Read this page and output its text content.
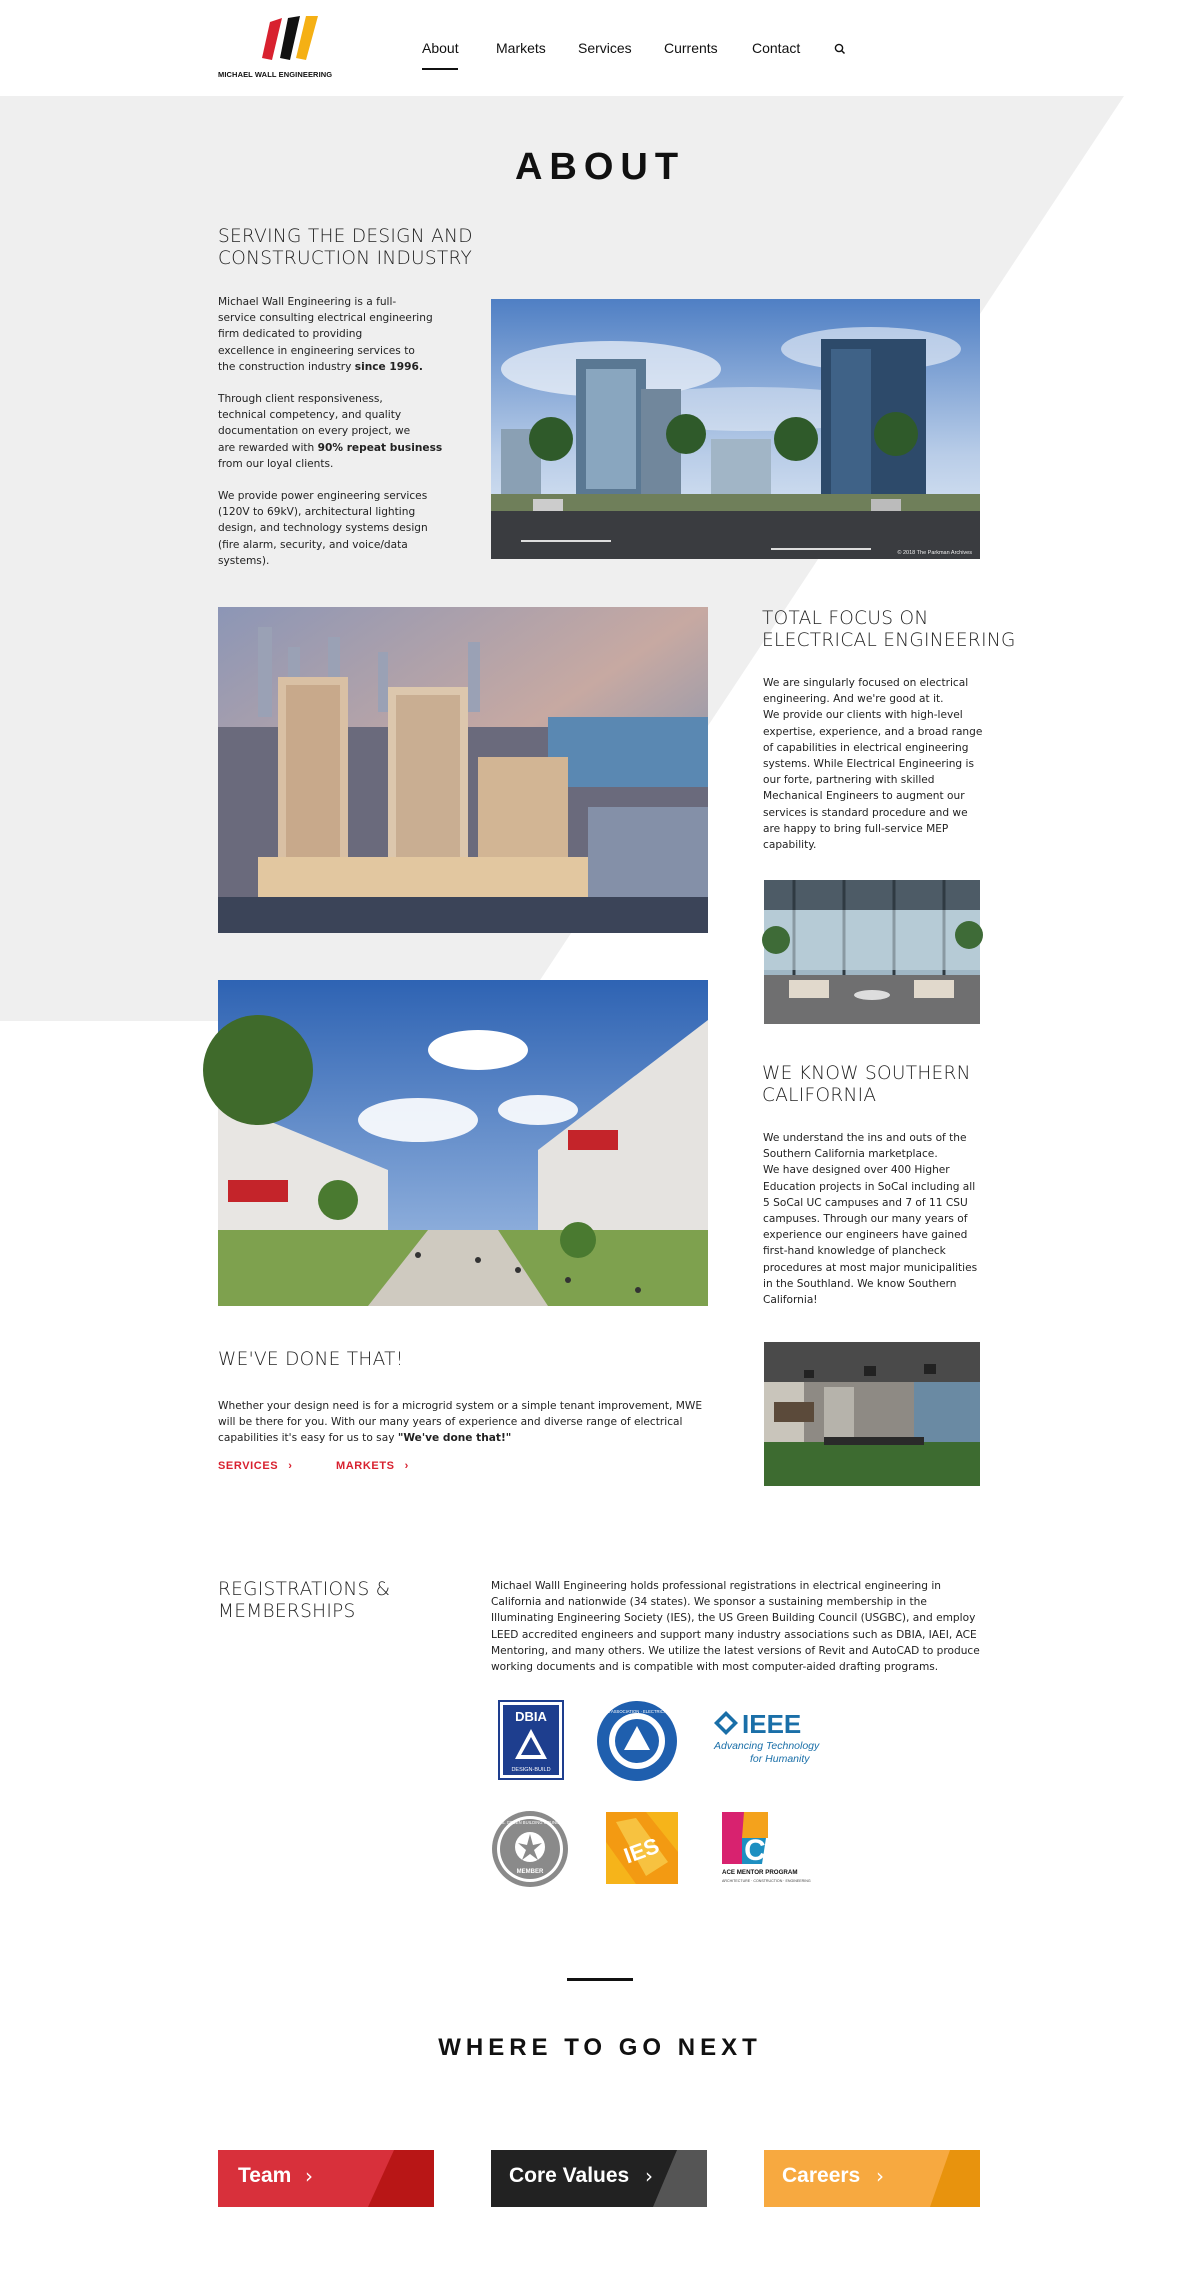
MICHAEL WALL ENGINEERING
About	Markets Services Currents Contact
ABOUT
SERVING THE DESIGN AND
CONSTRUCTION INDUSTRY
Michael Wall Engineering is a full-
service consulting electrical engineering
firm dedicated to providing
excellence in engineering services to
the construction industry since 1996.
Through client responsiveness,
technical competency, and quality
documentation on every project, we
are rewarded with 90% repeat business
from our loyal clients.
We provide power engineering services
(120V to 69kV), architectural lighting
design, and technology systems design
(fire alarm, security, and voice/data
systems).
© 2018 The Parkman Archives
TOTAL FOCUS ON
ELECTRICAL ENGINEERING
We are singularly focused on electrical
engineering. And we're good at it.
We provide our clients with high-level
expertise, experience, and a broad range
of capabilities in electrical engineering
systems. While Electrical Engineering is
our forte, partnering with skilled
Mechanical Engineers to augment our
services is standard procedure and we
are happy to bring full-service MEP
capability.
WE KNOW SOUTHERN
CALIFORNIA
We understand the ins and outs of the
Southern California marketplace.
We have designed over 400 Higher
Education projects in SoCal including all
5 SoCal UC campuses and 7 of 11 CSU
campuses. Through our many years of
experience our engineers have gained
first-hand knowledge of plancheck
procedures at most major municipalities
in the Southland. We know Southern
California!
WE'VE DONE THAT!
Whether your design need is for a microgrid system or a simple tenant improvement, MWE
will be there for you. With our many years of experience and diverse range of electrical
capabilities it's easy for us to say "We've done that!"
SERVICES ›	MARKETS ›
REGISTRATIONS &
MEMBERSHIPS
Michael Walll Engineering holds professional registrations in electrical engineering in
California and nationwide (34 states). We sponsor a sustaining membership in the
Illuminating Engineering Society (IES), the US Green Building Council (USGBC), and employ
LEED accredited engineers and support many industry associations such as DBIA, IAEI, ACE
Mentoring, and many others. We utilize the latest versions of Revit and AutoCAD to produce
working documents and is compatible with most computer-aided drafting programs.
DBIA
DESIGN-BUILD
INTERNATIONAL ASSOCIATION · ELECTRICAL INSPECTORS IEEE
Advancing Technology
for Humanity
U.S. GREEN BUILDING COUNCIL
MEMBER
IES	C
ACE MENTOR PROGRAM
ARCHITECTURE · CONSTRUCTION · ENGINEERING
WHERE TO GO NEXT
Team ›	Core Values ›	Careers ›
